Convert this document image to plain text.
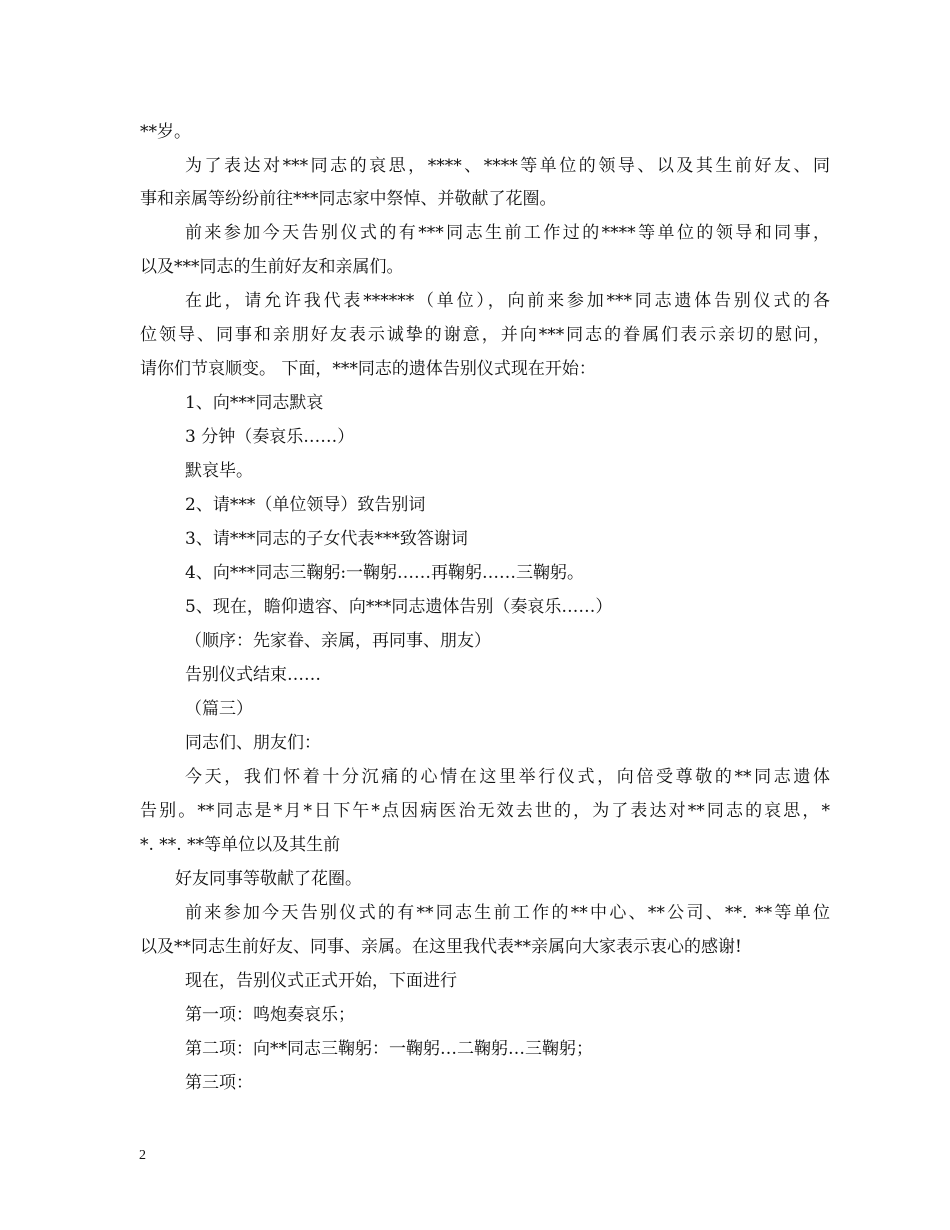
**岁。
为了表达对***同志的哀思，****、****等单位的领导、以及其生前好友、同
事和亲属等纷纷前往***同志家中祭悼、并敬献了花圈。
前来参加今天告别仪式的有***同志生前工作过的****等单位的领导和同事，
以及***同志的生前好友和亲属们。
在此，请允许我代表******（单位），向前来参加***同志遗体告别仪式的各
位领导、同事和亲朋好友表示诚挚的谢意，并向***同志的眷属们表示亲切的慰问，
请你们节哀顺变。 下面，***同志的遗体告别仪式现在开始：
1、向***同志默哀
3 分钟（奏哀乐……）
默哀毕。
2、请***（单位领导）致告别词
3、请***同志的子女代表***致答谢词
4、向***同志三鞠躬:一鞠躬……再鞠躬……三鞠躬。
5、现在，瞻仰遗容、向***同志遗体告别（奏哀乐……）
（顺序：先家眷、亲属，再同事、朋友）
告别仪式结束……
（篇三）
同志们、朋友们：
今天，我们怀着十分沉痛的心情在这里举行仪式，向倍受尊敬的**同志遗体
告别。**同志是*月*日下午*点因病医治无效去世的，为了表达对**同志的哀思，*
*. **. **等单位以及其生前
好友同事等敬献了花圈。
前来参加今天告别仪式的有**同志生前工作的**中心、**公司、**. **等单位
以及**同志生前好友、同事、亲属。在这里我代表**亲属向大家表示衷心的感谢!
现在，告别仪式正式开始，下面进行
第一项：鸣炮奏哀乐；
第二项：向**同志三鞠躬：一鞠躬…二鞠躬…三鞠躬；
第三项：
2
